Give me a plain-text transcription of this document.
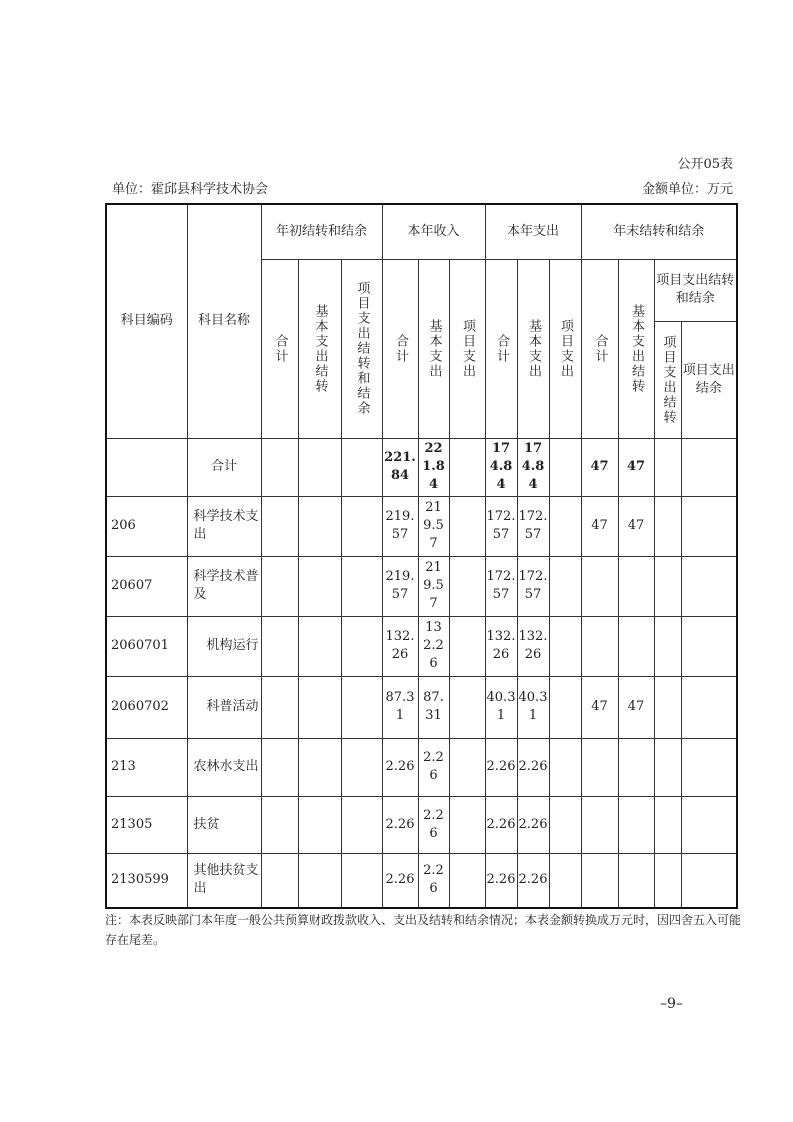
公开05表
单位：霍邱县科学技术协会	金额单位：万元
科目编码	科目名称	年初结转和结余			本年收入			本年支出			年末结转和结余			

		合计	基本支出结转	项目支出结转和结余	合计	基本支出	项目支出	合计	基本支出	项目支出	合计	基本支出结转	项目支出结转和结余	

													项目支出结转	项目支出结余
	合计				221.84	221.84		174.84	174.84		47	47		
206	科学技术支出				219.57	219.57		172.57	172.57		47	47		
20607	科学技术普及				219.57	219.57		172.57	172.57					
2060701	　机构运行				132.26	132.26		132.26	132.26					
2060702	　科普活动				87.31	87.31		40.31	40.31		47	47		
213	农林水支出				2.26	2.26		2.26	2.26					
21305	扶贫				2.26	2.26		2.26	2.26					
2130599	其他扶贫支出				2.26	2.26		2.26	2.26					
注：本表反映部门本年度一般公共预算财政拨款收入、支出及结转和结余情况；本表金额转换成万元时，因四舍五入可能存在尾差。
–9–
